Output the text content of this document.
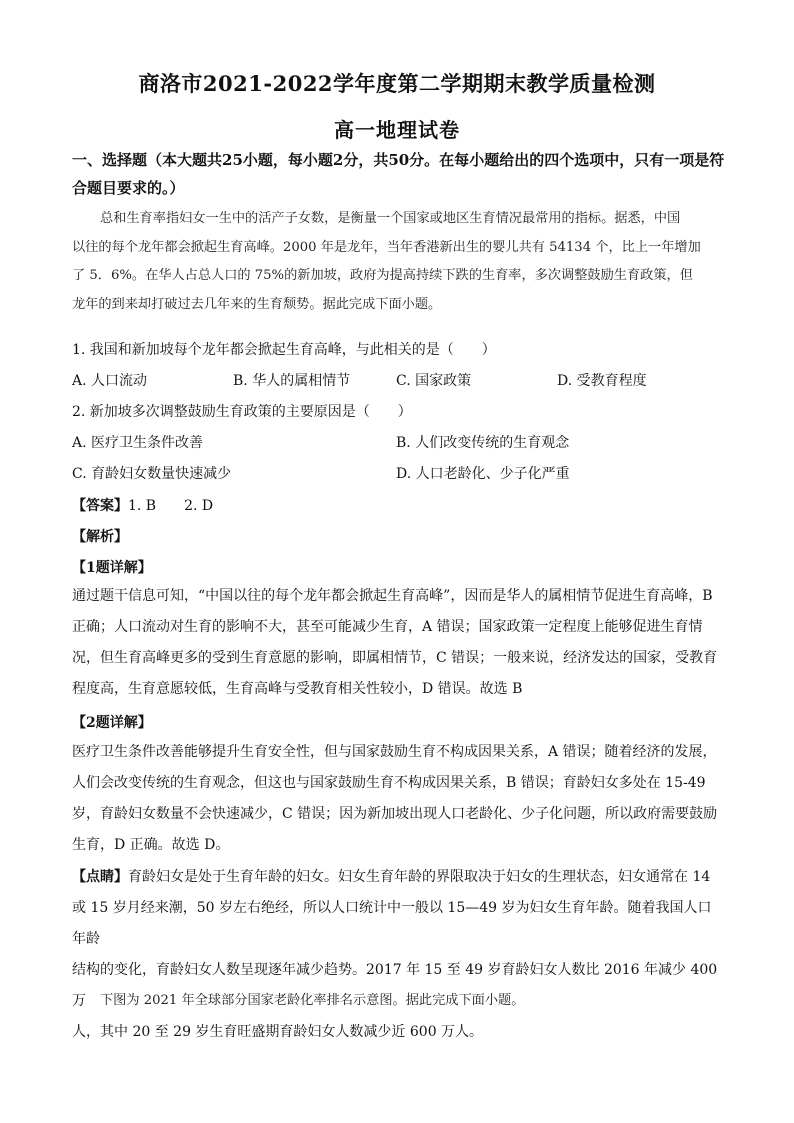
商洛市2021-2022学年度第二学期期末教学质量检测
高一地理试卷
一、选择题（本大题共25小题，每小题2分，共50分。在每小题给出的四个选项中，只有一项是符合题目要求的。）

总和生育率指妇女一生中的活产子女数，是衡量一个国家或地区生育情况最常用的指标。据悉，中国

以往的每个龙年都会掀起生育高峰。2000 年是龙年，当年香港新出生的婴儿共有 54134 个，比上一年增加

了 5．6%。在华人占总人口的 75%的新加坡，政府为提高持续下跌的生育率，多次调整鼓励生育政策，但

龙年的到来却打破过去几年来的生育颓势。据此完成下面小题。

1. 我国和新加坡每个龙年都会掀起生育高峰，与此相关的是（　　）
A. 人口流动	B. 华人的属相情节	C. 国家政策	D. 受教育程度
2. 新加坡多次调整鼓励生育政策的主要原因是（　　）
A. 医疗卫生条件改善	B. 人们改变传统的生育观念
C. 育龄妇女数量快速减少	D. 人口老龄化、少子化严重
【答案】1. B　　2. D
【解析】
【1题详解】
通过题干信息可知，“中国以往的每个龙年都会掀起生育高峰”，因而是华人的属相情节促进生育高峰，B
正确；人口流动对生育的影响不大，甚至可能减少生育，A 错误；国家政策一定程度上能够促进生育情
况，但生育高峰更多的受到生育意愿的影响，即属相情节，C 错误；一般来说，经济发达的国家，受教育
程度高，生育意愿较低，生育高峰与受教育相关性较小，D 错误。故选 B
【2题详解】
医疗卫生条件改善能够提升生育安全性，但与国家鼓励生育不构成因果关系，A 错误；随着经济的发展，
人们会改变传统的生育观念，但这也与国家鼓励生育不构成因果关系，B 错误；育龄妇女多处在 15-49
岁，育龄妇女数量不会快速减少，C 错误；因为新加坡出现人口老龄化、少子化问题，所以政府需要鼓励
生育，D 正确。故选 D。
【点睛】育龄妇女是处于生育年龄的妇女。妇女生育年龄的界限取决于妇女的生理状态，妇女通常在 14
或 15 岁月经来潮，50 岁左右绝经，所以人口统计中一般以 15—49 岁为妇女生育年龄。随着我国人口年龄
结构的变化，育龄妇女人数呈现逐年减少趋势。2017 年 15 至 49 岁育龄妇女人数比 2016 年减少 400 万
人，其中 20 至 29 岁生育旺盛期育龄妇女人数减少近 600 万人。

下图为 2021 年全球部分国家老龄化率排名示意图。据此完成下面小题。
